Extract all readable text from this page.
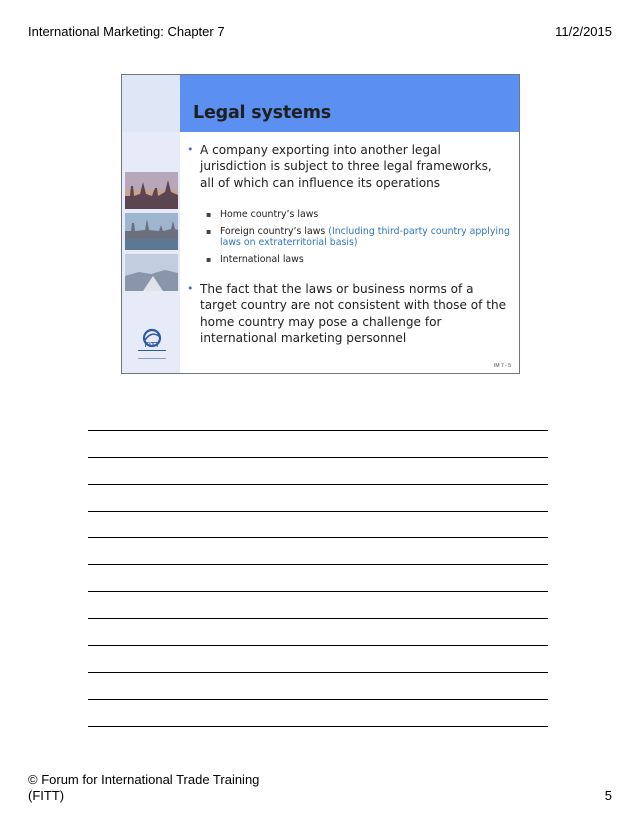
International Marketing: Chapter 7	11/2/2015
Legal systems
FITT
• A company exporting into another legal jurisdiction is subject to three legal frameworks, all of which can influence its operations
▪ Home country’s laws
▪ Foreign country’s laws (Including third-party country applying laws on extraterritorial basis)
▪ International laws
• The fact that the laws or business norms of a target country are not consistent with those of the home country may pose a challenge for international marketing personnel
IM 7 - 5
© Forum for International Trade Training (FITT)	5
